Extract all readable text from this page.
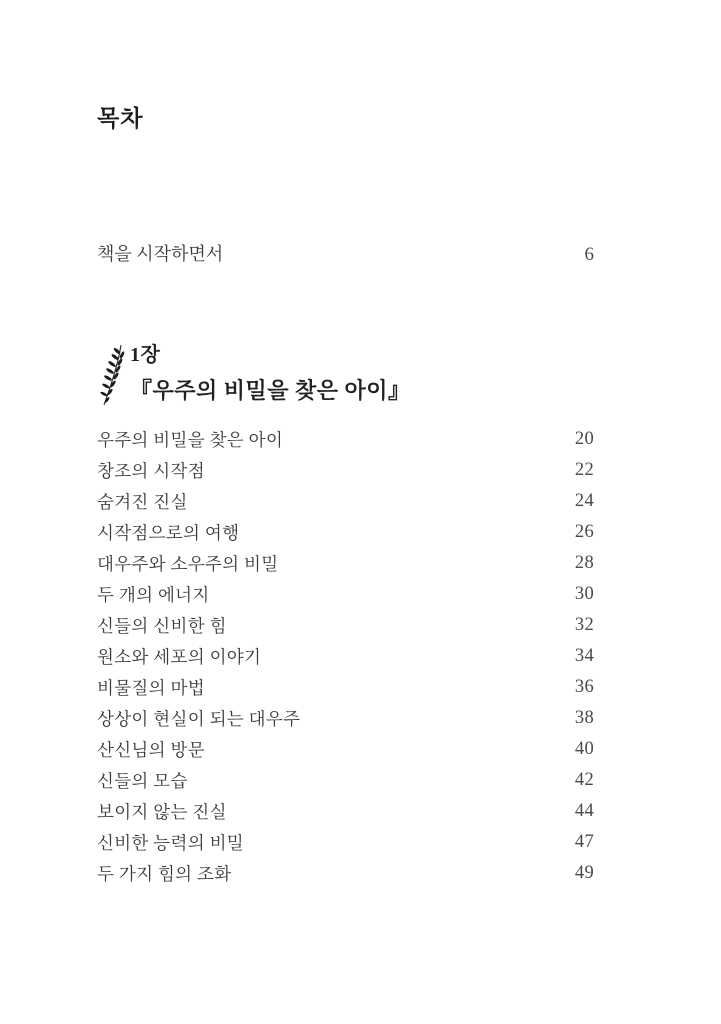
목차
책을 시작하면서	6
1장
『우주의 비밀을 찾은 아이』
우주의 비밀을 찾은 아이	20
창조의 시작점	22
숨겨진 진실	24
시작점으로의 여행	26
대우주와 소우주의 비밀	28
두 개의 에너지	30
신들의 신비한 힘	32
원소와 세포의 이야기	34
비물질의 마법	36
상상이 현실이 되는 대우주	38
산신님의 방문	40
신들의 모습	42
보이지 않는 진실	44
신비한 능력의 비밀	47
두 가지 힘의 조화	49
